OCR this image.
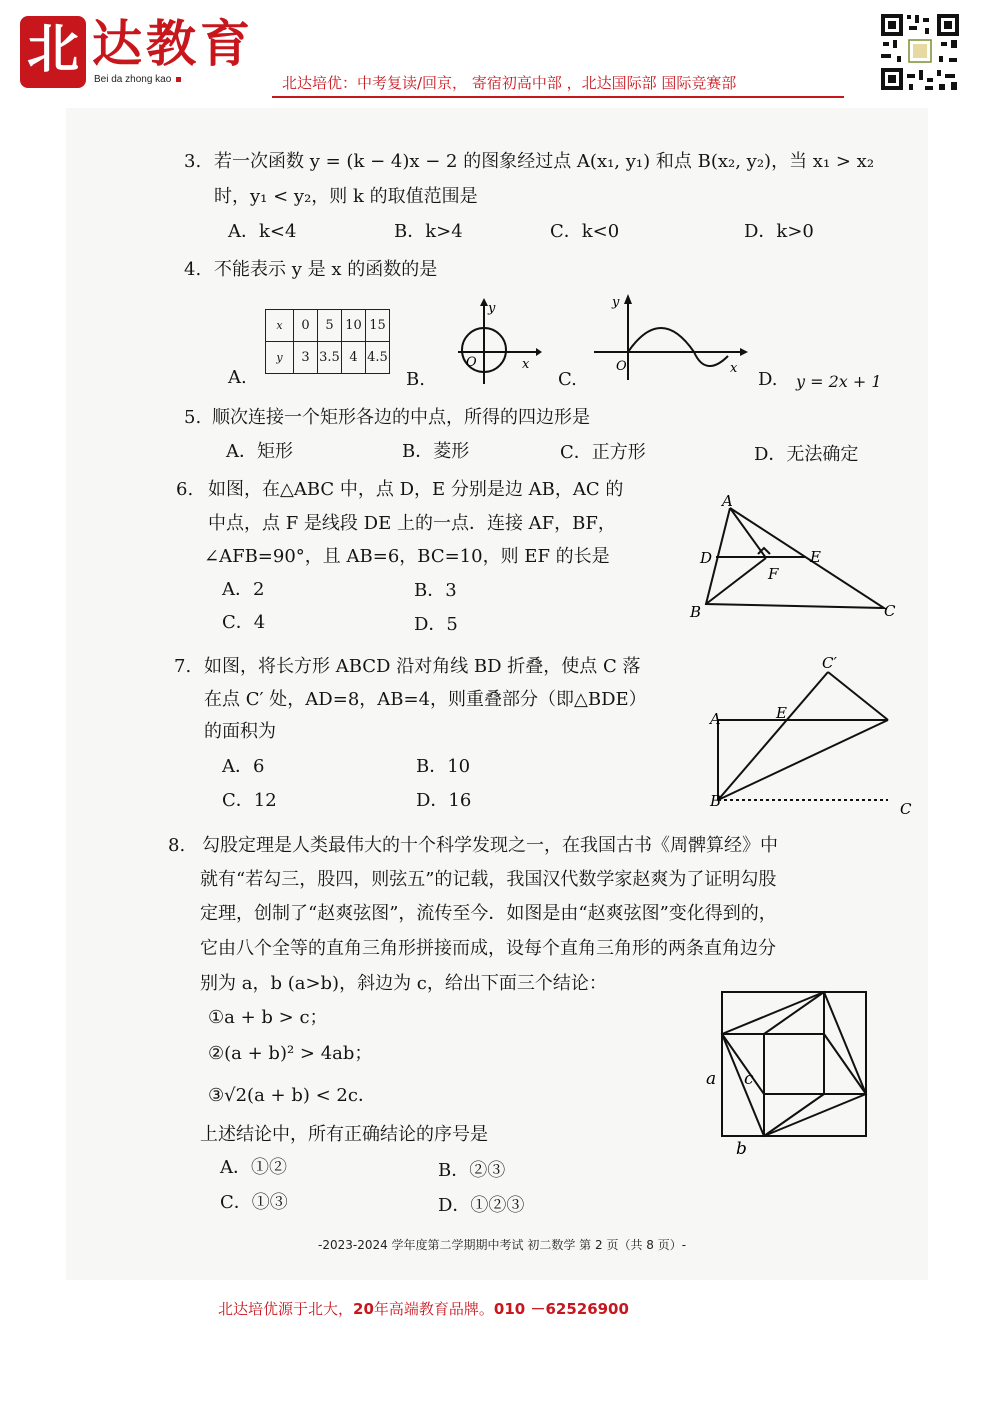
北 达教育
Bei da zhong kao	北达培优：中考复读/回京， 寄宿初高中部 ，北达国际部 国际竞赛部
3. 若一次函数 y = (k − 4)x − 2 的图象经过点 A(x₁, y₁) 和点 B(x₂, y₂)，当 x₁ > x₂
时，y₁ < y₂，则 k 的取值范围是
A．k<4	B．k>4	C．k<0	D．k>0
4. 不能表示 y 是 x 的函数的是
x	0	5	10	15
y	3	3.5	4	4.5
A.
y
x
O
B.
y
x
O
C.	D. y = 2x + 1
5. 顺次连接一个矩形各边的中点，所得的四边形是
A．矩形	B．菱形	C．正方形	D．无法确定
6. 如图，在△ABC 中，点 D，E 分别是边 AB，AC 的
中点，点 F 是线段 DE 上的一点．连接 AF，BF，
∠AFB=90°，且 AB=6，BC=10，则 EF 的长是
A．2	B．3
C．4	D．5
A
D	E
F
B	C
7. 如图，将长方形 ABCD 沿对角线 BD 折叠，使点 C 落
在点 C′ 处，AD=8，AB=4，则重叠部分（即△BDE）
的面积为
A．6	B．10
C．12	D．16
C′
A	E
B	C
8. 勾股定理是人类最伟大的十个科学发现之一，在我国古书《周髀算经》中
就有“若勾三，股四，则弦五”的记载，我国汉代数学家赵爽为了证明勾股
定理，创制了“赵爽弦图”，流传至今．如图是由“赵爽弦图”变化得到的，
它由八个全等的直角三角形拼接而成，设每个直角三角形的两条直角边分
别为 a，b (a>b)，斜边为 c，给出下面三个结论：
①a + b > c；
②(a + b)² > 4ab；
③√2(a + b) < 2c．
上述结论中，所有正确结论的序号是
A．①②	B．②③
C．①③	D．①②③
a c
b
-2023-2024 学年度第二学期期中考试 初二数学 第 2 页（共 8 页）-
北达培优源于北大，20年高端教育品牌。010 －62526900
